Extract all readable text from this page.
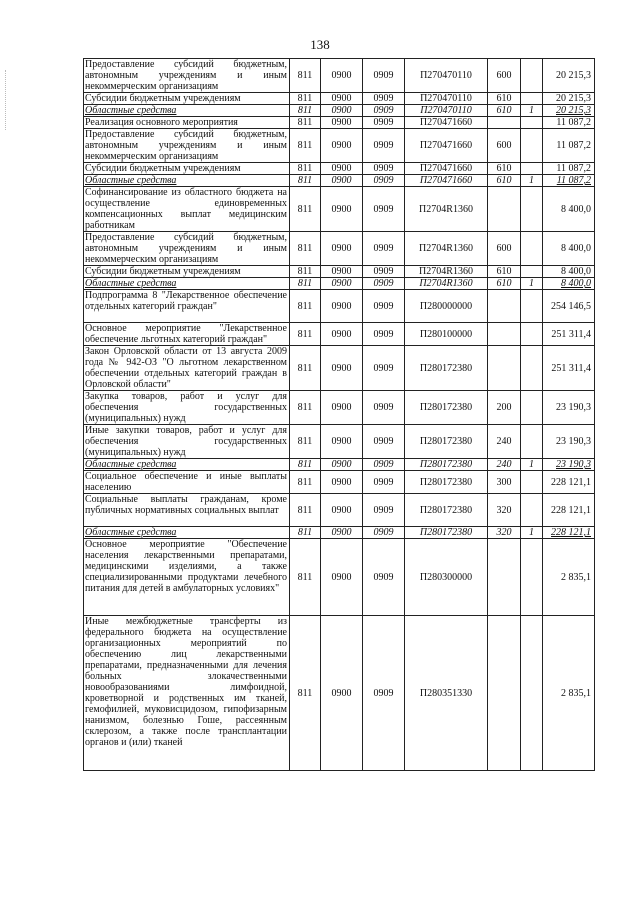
138
Предоставление субсидий бюджетным, автономным учреждениям и иным некоммерческим организациям	811	0900	0909	П270470110	600		20 215,3
Субсидии бюджетным учреждениям	811	0900	0909	П270470110	610		20 215,3
Областные средства	811	0900	0909	П270470110	610	1	20 215,3
Реализация основного мероприятия	811	0900	0909	П270471660			11 087,2
Предоставление субсидий бюджетным, автономным учреждениям и иным некоммерческим организациям	811	0900	0909	П270471660	600		11 087,2
Субсидии бюджетным учреждениям	811	0900	0909	П270471660	610		11 087,2
Областные средства	811	0900	0909	П270471660	610	1	11 087,2
Софинансирование из областного бюджета на осуществление единовременных компенсационных выплат медицинским работникам	811	0900	0909	П2704R1360			8 400,0
Предоставление субсидий бюджетным, автономным учреждениям и иным некоммерческим организациям	811	0900	0909	П2704R1360	600		8 400,0
Субсидии бюджетным учреждениям	811	0900	0909	П2704R1360	610		8 400,0
Областные средства	811	0900	0909	П2704R1360	610	1	8 400,0
Подпрограмма 8 "Лекарственное обеспечение отдельных категорий граждан"	811	0900	0909	П280000000			254 146,5
Основное мероприятие "Лекарственное обеспечение льготных категорий граждан"	811	0900	0909	П280100000			251 311,4
Закон Орловской области от 13 августа 2009 года № 942-ОЗ "О льготном лекарственном обеспечении отдельных категорий граждан в Орловской области"	811	0900	0909	П280172380			251 311,4
Закупка товаров, работ и услуг для обеспечения государственных (муниципальных) нужд	811	0900	0909	П280172380	200		23 190,3
Иные закупки товаров, работ и услуг для обеспечения государственных (муниципальных) нужд	811	0900	0909	П280172380	240		23 190,3
Областные средства	811	0900	0909	П280172380	240	1	23 190,3
Социальное обеспечение и иные выплаты населению	811	0900	0909	П280172380	300		228 121,1
Социальные выплаты гражданам, кроме публичных нормативных социальных выплат	811	0900	0909	П280172380	320		228 121,1
Областные средства	811	0900	0909	П280172380	320	1	228 121,1
Основное мероприятие "Обеспечение населения лекарственными препаратами, медицинскими изделиями, а также специализированными продуктами лечебного питания для детей в амбулаторных условиях"	811	0900	0909	П280300000			2 835,1
Иные межбюджетные трансферты из федерального бюджета на осуществление организационных мероприятий по обеспечению лиц лекарственными препаратами, предназначенными для лечения больных злокачественными новообразованиями лимфоидной, кроветворной и родственных им тканей, гемофилией, муковисцидозом, гипофизарным нанизмом, болезнью Гоше, рассеянным склерозом, а также после трансплантации органов и (или) тканей	811	0900	0909	П280351330			2 835,1
